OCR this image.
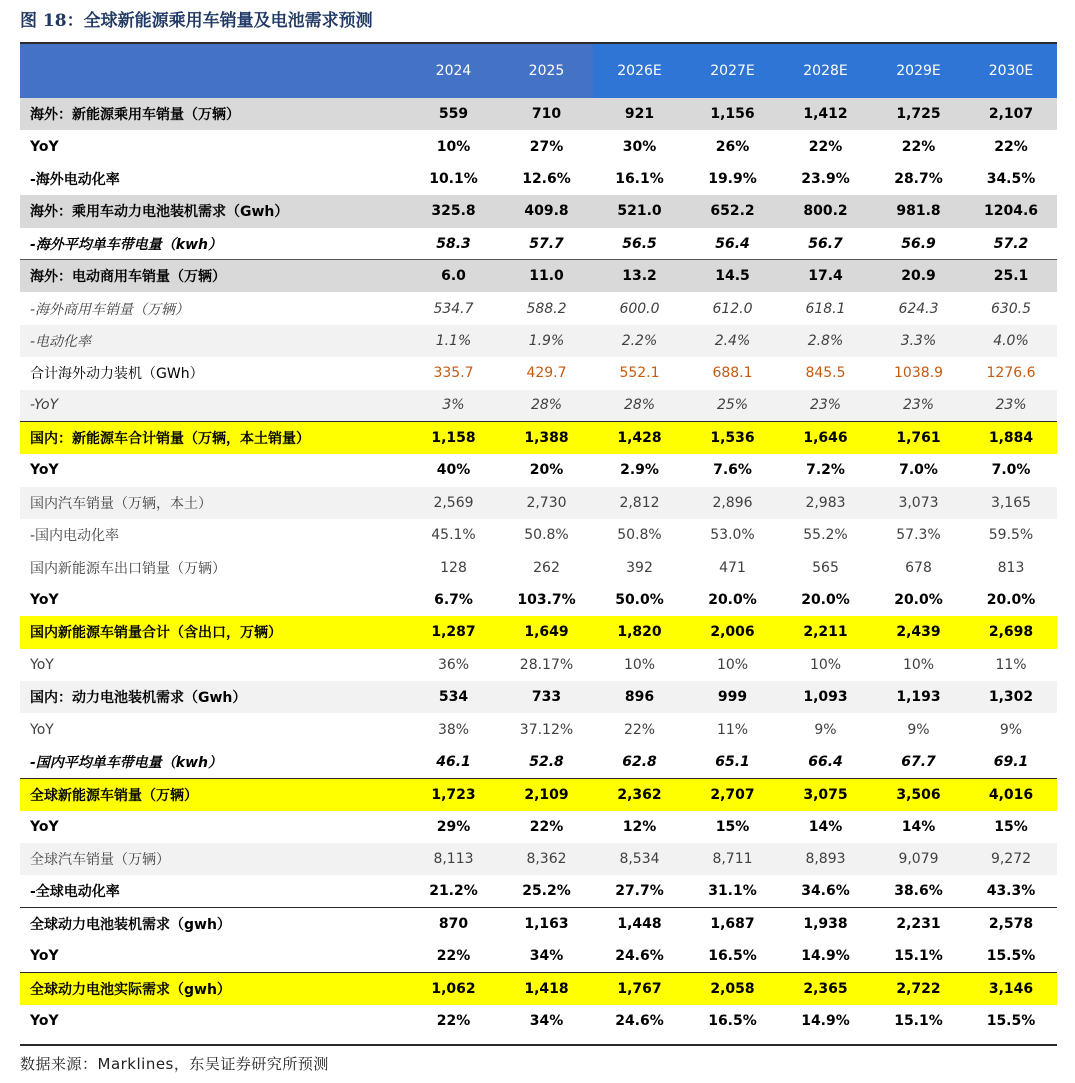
图 18：全球新能源乘用车销量及电池需求预测
	2024	2025	2026E	2027E	2028E	2029E	2030E
海外：新能源乘用车销量（万辆）	559	710	921	1,156	1,412	1,725	2,107
YoY	10%	27%	30%	26%	22%	22%	22%
-海外电动化率	10.1%	12.6%	16.1%	19.9%	23.9%	28.7%	34.5%
海外：乘用车动力电池装机需求（Gwh）	325.8	409.8	521.0	652.2	800.2	981.8	1204.6
-海外平均单车带电量（kwh）	58.3	57.7	56.5	56.4	56.7	56.9	57.2
海外：电动商用车销量（万辆）	6.0	11.0	13.2	14.5	17.4	20.9	25.1
-海外商用车销量（万辆）	534.7	588.2	600.0	612.0	618.1	624.3	630.5
-电动化率	1.1%	1.9%	2.2%	2.4%	2.8%	3.3%	4.0%
合计海外动力装机（GWh）	335.7	429.7	552.1	688.1	845.5	1038.9	1276.6
-YoY	3%	28%	28%	25%	23%	23%	23%
国内：新能源车合计销量（万辆，本土销量）	1,158	1,388	1,428	1,536	1,646	1,761	1,884
YoY	40%	20%	2.9%	7.6%	7.2%	7.0%	7.0%
国内汽车销量（万辆，本土）	2,569	2,730	2,812	2,896	2,983	3,073	3,165
-国内电动化率	45.1%	50.8%	50.8%	53.0%	55.2%	57.3%	59.5%
国内新能源车出口销量（万辆）	128	262	392	471	565	678	813
YoY	6.7%	103.7%	50.0%	20.0%	20.0%	20.0%	20.0%
国内新能源车销量合计（含出口，万辆）	1,287	1,649	1,820	2,006	2,211	2,439	2,698
YoY	36%	28.17%	10%	10%	10%	10%	11%
国内：动力电池装机需求（Gwh）	534	733	896	999	1,093	1,193	1,302
YoY	38%	37.12%	22%	11%	9%	9%	9%
-国内平均单车带电量（kwh）	46.1	52.8	62.8	65.1	66.4	67.7	69.1
全球新能源车销量（万辆）	1,723	2,109	2,362	2,707	3,075	3,506	4,016
YoY	29%	22%	12%	15%	14%	14%	15%
全球汽车销量（万辆）	8,113	8,362	8,534	8,711	8,893	9,079	9,272
-全球电动化率	21.2%	25.2%	27.7%	31.1%	34.6%	38.6%	43.3%
全球动力电池装机需求（gwh）	870	1,163	1,448	1,687	1,938	2,231	2,578
YoY	22%	34%	24.6%	16.5%	14.9%	15.1%	15.5%
全球动力电池实际需求（gwh）	1,062	1,418	1,767	2,058	2,365	2,722	3,146
YoY	22%	34%	24.6%	16.5%	14.9%	15.1%	15.5%
数据来源：Marklines，东吴证券研究所预测
